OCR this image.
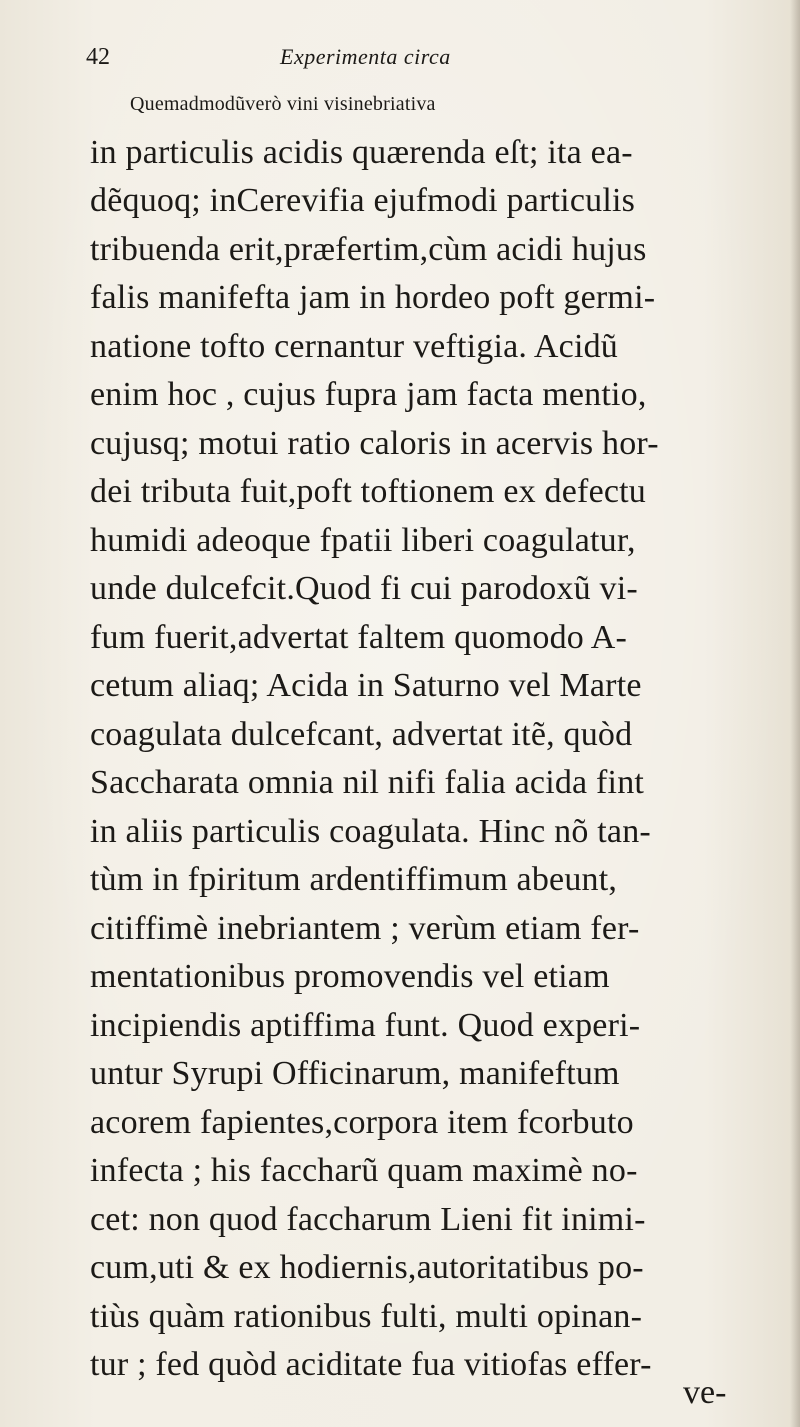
42	Experimenta circa
Quemadmodũverò vini visinebriativa
in particulis acidis quærenda eſt; ita ea-
dẽquoq; inCerevifia ejufmodi particulis
tribuenda erit,præfertim,cùm acidi hujus
falis manifefta jam in hordeo poft germi-
natione tofto cernantur veftigia. Acidũ
enim hoc , cujus fupra jam facta mentio,
cujusq; motui ratio caloris in acervis hor-
dei tributa fuit,poft toftionem ex defectu
humidi adeoque fpatii liberi coagulatur,
unde dulcefcit.Quod fi cui parodoxũ vi-
fum fuerit,advertat faltem quomodo A-
cetum aliaq; Acida in Saturno vel Marte
coagulata dulcefcant, advertat itẽ, quòd
Saccharata omnia nil nifi falia acida fint
in aliis particulis coagulata. Hinc nõ tan-
tùm in fpiritum ardentiffimum abeunt,
citiffimè inebriantem ; verùm etiam fer-
mentationibus promovendis vel etiam
incipiendis aptiffima funt. Quod experi-
untur Syrupi Officinarum, manifeftum
acorem fapientes,corpora item fcorbuto
infecta ; his faccharũ quam maximè no-
cet: non quod faccharum Lieni fit inimi-
cum,uti & ex hodiernis,autoritatibus po-
tiùs quàm rationibus fulti, multi opinan-
tur ; fed quòd aciditate fua vitiofas effer-
ve-
